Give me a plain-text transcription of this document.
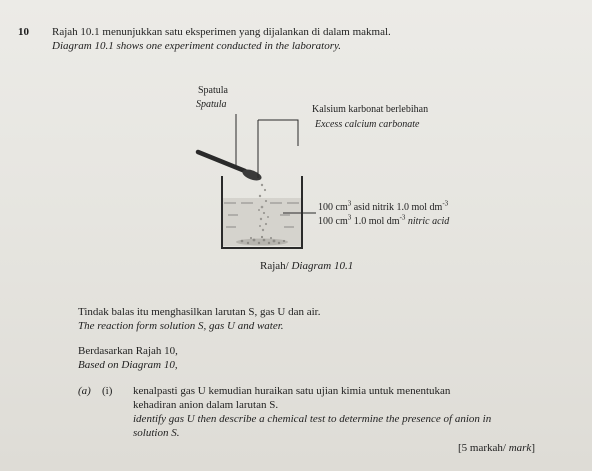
10 Rajah 10.1 menunjukkan satu eksperimen yang dijalankan di dalam makmal.
Diagram 10.1 shows one experiment conducted in the laboratory.
Spatula
Spatula	Kalsium karbonat berlebihan
Excess calcium carbonate
100 $cm^3$ asid nitrik 1.0 mol $dm^{-3}$
100 $cm^3$ 1.0 mol $dm^{-3}$ nitric acid
Rajah/ Diagram 10.1
Tindak balas itu menghasilkan larutan S, gas U dan air.
The reaction form solution S, gas U and water.
Berdasarkan Rajah 10,
Based on Diagram 10,
(a) (i) kenalpasti gas U kemudian huraikan satu ujian kimia untuk menentukan
kehadiran anion dalam larutan S.
identify gas U then describe a chemical test to determine the presence of anion in
solution S.
[5 markah/ mark]
